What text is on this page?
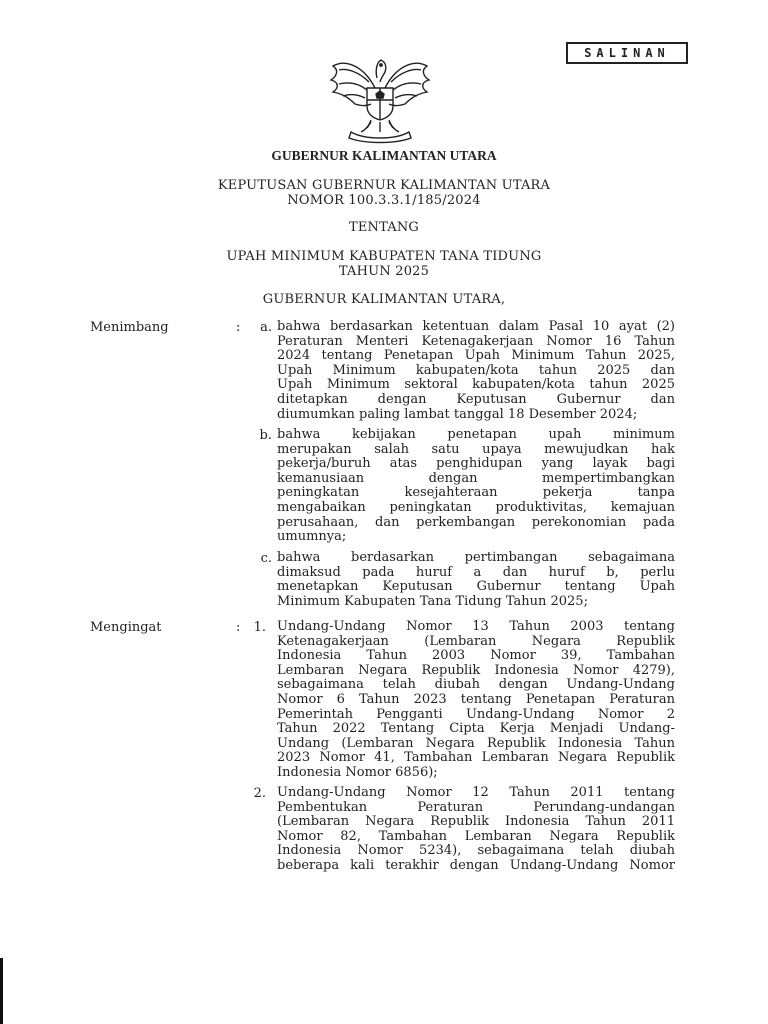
SALINAN
GUBERNUR KALIMANTAN UTARA
KEPUTUSAN GUBERNUR KALIMANTAN UTARA
NOMOR 100.3.3.1/185/2024
TENTANG
UPAH MINIMUM KABUPATEN TANA TIDUNG
TAHUN 2025
GUBERNUR KALIMANTAN UTARA,
Menimbang	:	a. bahwa berdasarkan ketentuan dalam Pasal 10 ayat (2)
Peraturan Menteri Ketenagakerjaan Nomor 16 Tahun
2024 tentang Penetapan Upah Minimum Tahun 2025,
Upah Minimum kabupaten/kota tahun 2025 dan
Upah Minimum sektoral kabupaten/kota tahun 2025
ditetapkan dengan Keputusan Gubernur dan
diumumkan paling lambat tanggal 18 Desember 2024;
b. bahwa kebijakan penetapan upah minimum
merupakan salah satu upaya mewujudkan hak
pekerja/buruh atas penghidupan yang layak bagi
kemanusiaan dengan mempertimbangkan
peningkatan kesejahteraan pekerja tanpa
mengabaikan peningkatan produktivitas, kemajuan
perusahaan, dan perkembangan perekonomian pada
umumnya;
c. bahwa berdasarkan pertimbangan sebagaimana
dimaksud pada huruf a dan huruf b, perlu
menetapkan Keputusan Gubernur tentang Upah
Minimum Kabupaten Tana Tidung Tahun 2025;
Mengingat	:	1. Undang-Undang Nomor 13 Tahun 2003 tentang
Ketenagakerjaan (Lembaran Negara Republik
Indonesia Tahun 2003 Nomor 39, Tambahan
Lembaran Negara Republik Indonesia Nomor 4279),
sebagaimana telah diubah dengan Undang-Undang
Nomor 6 Tahun 2023 tentang Penetapan Peraturan
Pemerintah Pengganti Undang-Undang Nomor 2
Tahun 2022 Tentang Cipta Kerja Menjadi Undang-
Undang (Lembaran Negara Republik Indonesia Tahun
2023 Nomor 41, Tambahan Lembaran Negara Republik
Indonesia Nomor 6856);
2. Undang-Undang Nomor 12 Tahun 2011 tentang
Pembentukan Peraturan Perundang-undangan
(Lembaran Negara Republik Indonesia Tahun 2011
Nomor 82, Tambahan Lembaran Negara Republik
Indonesia Nomor 5234), sebagaimana telah diubah
beberapa kali terakhir dengan Undang-Undang Nomor
